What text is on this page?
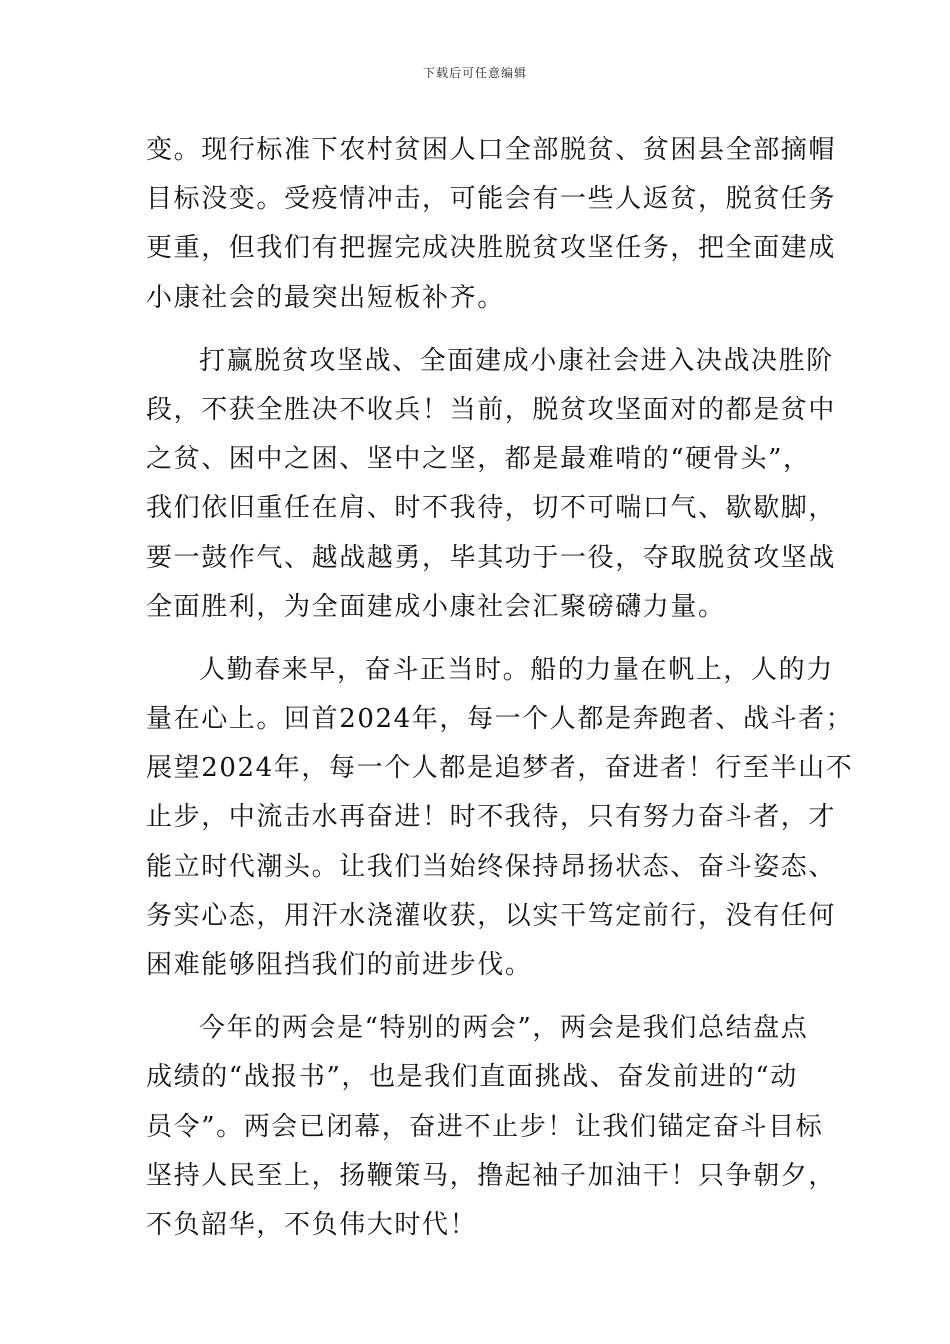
下载后可任意编辑
变。现行标准下农村贫困人口全部脱贫、贫困县全部摘帽
目标没变。受疫情冲击，可能会有一些人返贫，脱贫任务
更重，但我们有把握完成决胜脱贫攻坚任务，把全面建成
小康社会的最突出短板补齐。
打赢脱贫攻坚战、全面建成小康社会进入决战决胜阶
段，不获全胜决不收兵！当前，脱贫攻坚面对的都是贫中
之贫、困中之困、坚中之坚，都是最难啃的“硬骨头”，
我们依旧重任在肩、时不我待，切不可喘口气、歇歇脚，
要一鼓作气、越战越勇，毕其功于一役，夺取脱贫攻坚战
全面胜利，为全面建成小康社会汇聚磅礴力量。
人勤春来早，奋斗正当时。船的力量在帆上，人的力
量在心上。回首2024年，每一个人都是奔跑者、战斗者；
展望2024年，每一个人都是追梦者，奋进者！行至半山不
止步，中流击水再奋进！时不我待，只有努力奋斗者，才
能立时代潮头。让我们当始终保持昂扬状态、奋斗姿态、
务实心态，用汗水浇灌收获，以实干笃定前行，没有任何
困难能够阻挡我们的前进步伐。
今年的两会是“特别的两会”，两会是我们总结盘点
成绩的“战报书”，也是我们直面挑战、奋发前进的“动
员令”。两会已闭幕，奋进不止步！让我们锚定奋斗目标
坚持人民至上，扬鞭策马，撸起袖子加油干！只争朝夕，
不负韶华，不负伟大时代！
